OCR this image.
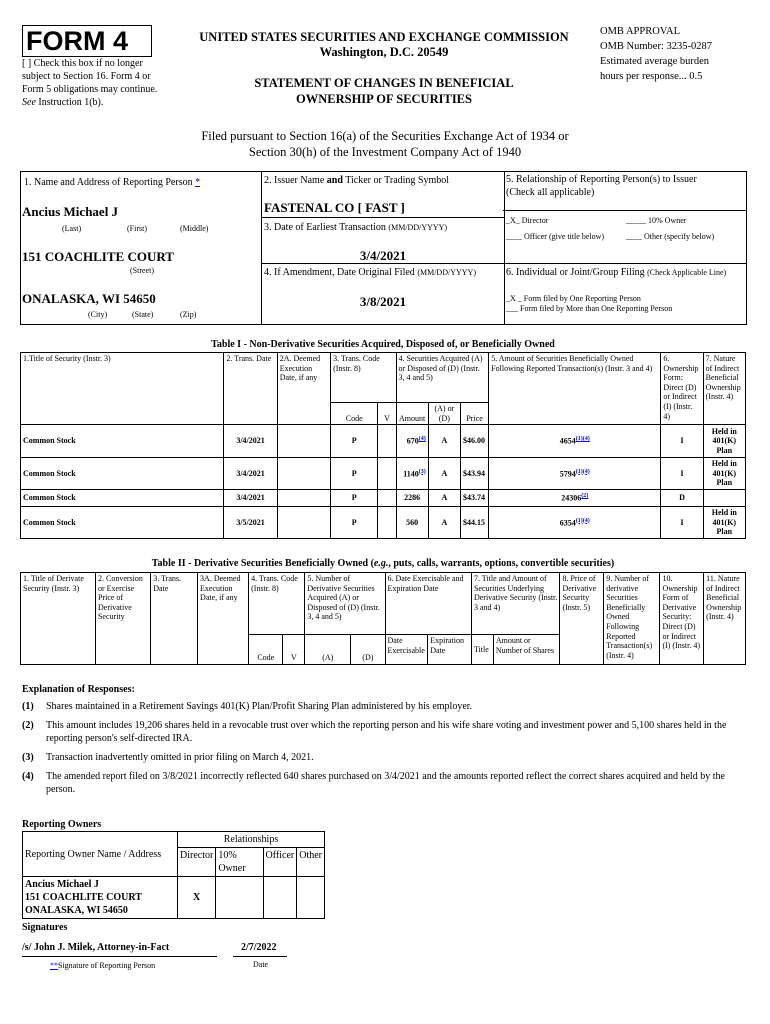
FORM 4
[ ] Check this box if no longer subject to Section 16. Form 4 or Form 5 obligations may continue. See Instruction 1(b).
UNITED STATES SECURITIES AND EXCHANGE COMMISSION
Washington, D.C. 20549
STATEMENT OF CHANGES IN BENEFICIAL OWNERSHIP OF SECURITIES
OMB APPROVAL
OMB Number: 3235-0287
Estimated average burden
hours per response... 0.5
Filed pursuant to Section 16(a) of the Securities Exchange Act of 1934 or
Section 30(h) of the Investment Company Act of 1940
1. Name and Address of Reporting Person *
Ancius Michael J
(Last)	(First)	(Middle)
151 COACHLITE COURT
(Street)
ONALASKA, WI 54650
(City)	(State)	(Zip)
2. Issuer Name and Ticker or Trading Symbol
FASTENAL CO [ FAST ]
3. Date of Earliest Transaction (MM/DD/YYYY)
3/4/2021
4. If Amendment, Date Original Filed (MM/DD/YYYY)
3/8/2021
5. Relationship of Reporting Person(s) to Issuer
(Check all applicable)
_X_ Director	_____ 10% Owner
____ Officer (give title below)	____ Other (specify below)
6. Individual or Joint/Group Filing (Check Applicable Line)
_X _ Form filed by One Reporting Person
___ Form filed by More than One Reporting Person
Table I - Non-Derivative Securities Acquired, Disposed of, or Beneficially Owned
1.Title of Security (Instr. 3)	2. Trans. Date	2A. Deemed Execution Date, if any	3. Trans. Code (Instr. 8)		4. Securities Acquired (A) or Disposed of (D) (Instr. 3, 4 and 5)			5. Amount of Securities Beneficially Owned Following Reported Transaction(s) (Instr. 3 and 4)	6. Ownership Form: Direct (D) or Indirect (I) (Instr. 4)	7. Nature of Indirect Beneficial Ownership (Instr. 4)
			Code	V	Amount	(A) or (D)	Price			
Common Stock	3/4/2021		P		670$^{(4)}$	A	$46.00	$4654^{(1)(4)}$	I	Held in 401(K) Plan
Common Stock	3/4/2021		P		1140$^{(3)}$	A	$43.94	$5794^{(1)(4)}$	I	Held in 401(K) Plan
Common Stock	3/4/2021		P		2286	A	$43.74	24306$^{(2)}$	D	
Common Stock	3/5/2021		P		560	A	$44.15	$6354^{(1)(4)}$	I	Held in 401(K) Plan
Table II - Derivative Securities Beneficially Owned (e.g., puts, calls, warrants, options, convertible securities)
1. Title of Derivate Security (Instr. 3)	2. Conversion or Exercise Price of Derivative Security	3. Trans. Date	3A. Deemed Execution Date, if any	4. Trans. Code (Instr. 8)		5. Number of Derivative Securities Acquired (A) or Disposed of (D) (Instr. 3, 4 and 5)		6. Date Exercisable and Expiration Date		7. Title and Amount of Securities Underlying Derivative Security (Instr. 3 and 4)		8. Price of Derivative Security (Instr. 5)	9. Number of derivative Securities Beneficially Owned Following Reported Transaction(s) (Instr. 4)	10. Ownership Form of Derivative Security: Direct (D) or Indirect (I) (Instr. 4)	11. Nature of Indirect Beneficial Ownership (Instr. 4)
				Code	V	(A)	(D)	Date Exercisable	Expiration Date	Title	Amount or Number of Shares				
Explanation of Responses:
(1)	Shares maintained in a Retirement Savings 401(K) Plan/Profit Sharing Plan administered by his employer.
(2)	This amount includes 19,206 shares held in a revocable trust over which the reporting person and his wife share voting and investment power and 5,100 shares held in the reporting person's self-directed IRA.
(3)	Transaction inadvertently omitted in prior filing on March 4, 2021.
(4)	The amended report filed on 3/8/2021 incorrectly reflected 640 shares purchased on 3/4/2021 and the amounts reported reflect the correct shares acquired and held by the person.
Reporting Owners
Reporting Owner Name / Address	Relationships			
	Director	10% Owner	Officer	Other

Ancius Michael J
151 COACHLITE COURT
ONALASKA, WI 54650	X			
Signatures
/s/ John J. Milek, Attorney-in-Fact	2/7/2022
**Signature of Reporting Person	Date
